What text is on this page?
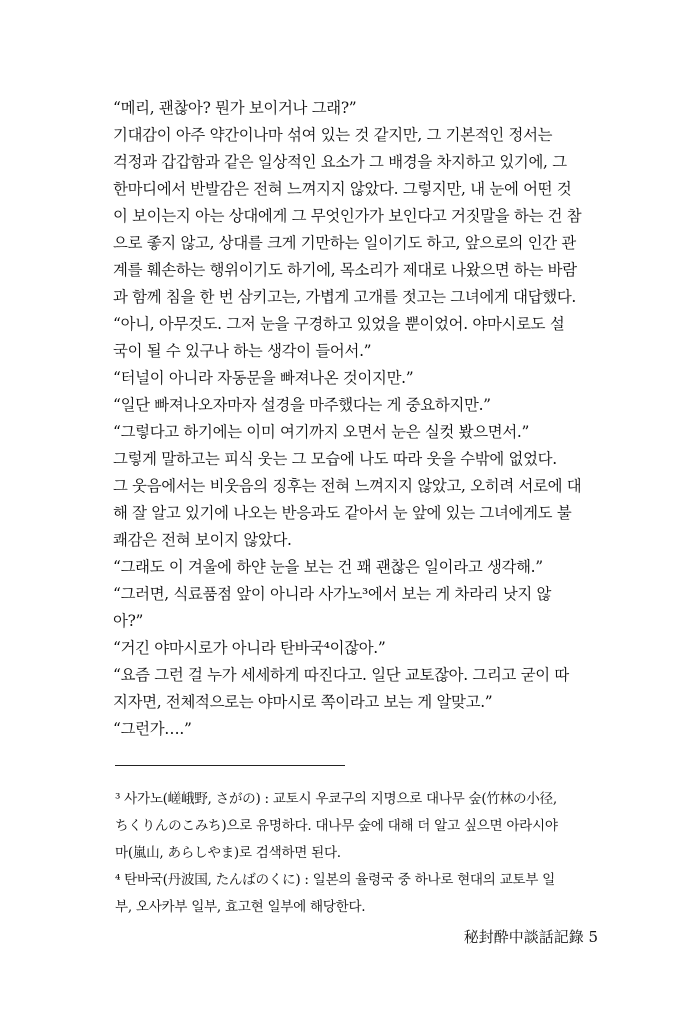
“메리, 괜찮아? 뭔가 보이거나 그래?”
기대감이 아주 약간이나마 섞여 있는 것 같지만, 그 기본적인 정서는
걱정과 갑갑함과 같은 일상적인 요소가 그 배경을 차지하고 있기에, 그
한마디에서 반발감은 전혀 느껴지지 않았다. 그렇지만, 내 눈에 어떤 것
이 보이는지 아는 상대에게 그 무엇인가가 보인다고 거짓말을 하는 건 참
으로 좋지 않고, 상대를 크게 기만하는 일이기도 하고, 앞으로의 인간 관
계를 훼손하는 행위이기도 하기에, 목소리가 제대로 나왔으면 하는 바람
과 함께 침을 한 번 삼키고는, 가볍게 고개를 젓고는 그녀에게 대답했다.
“아니, 아무것도. 그저 눈을 구경하고 있었을 뿐이었어. 야마시로도 설
국이 될 수 있구나 하는 생각이 들어서.”
“터널이 아니라 자동문을 빠져나온 것이지만.”
“일단 빠져나오자마자 설경을 마주했다는 게 중요하지만.”
“그렇다고 하기에는 이미 여기까지 오면서 눈은 실컷 봤으면서.”
그렇게 말하고는 피식 웃는 그 모습에 나도 따라 웃을 수밖에 없었다.
그 웃음에서는 비웃음의 징후는 전혀 느껴지지 않았고, 오히려 서로에 대
해 잘 알고 있기에 나오는 반응과도 같아서 눈 앞에 있는 그녀에게도 불
쾌감은 전혀 보이지 않았다.
“그래도 이 겨울에 하얀 눈을 보는 건 꽤 괜찮은 일이라고 생각해.”
“그러면, 식료품점 앞이 아니라 사가노³에서 보는 게 차라리 낫지 않
아?”
“거긴 야마시로가 아니라 탄바국⁴이잖아.”
“요즘 그런 걸 누가 세세하게 따진다고. 일단 교토잖아. 그리고 굳이 따
지자면, 전체적으로는 야마시로 쪽이라고 보는 게 알맞고.”
“그런가….”
³ 사가노(嵯峨野, さがの) : 교토시 우쿄구의 지명으로 대나무 숲(竹林の小径,
ちくりんのこみち)으로 유명하다. 대나무 숲에 대해 더 알고 싶으면 아라시야
마(嵐山, あらしやま)로 검색하면 된다.
⁴ 탄바국(丹波国, たんばのくに) : 일본의 율령국 중 하나로 현대의 교토부 일
부, 오사카부 일부, 효고현 일부에 해당한다.
秘封酔中談話記錄 5
